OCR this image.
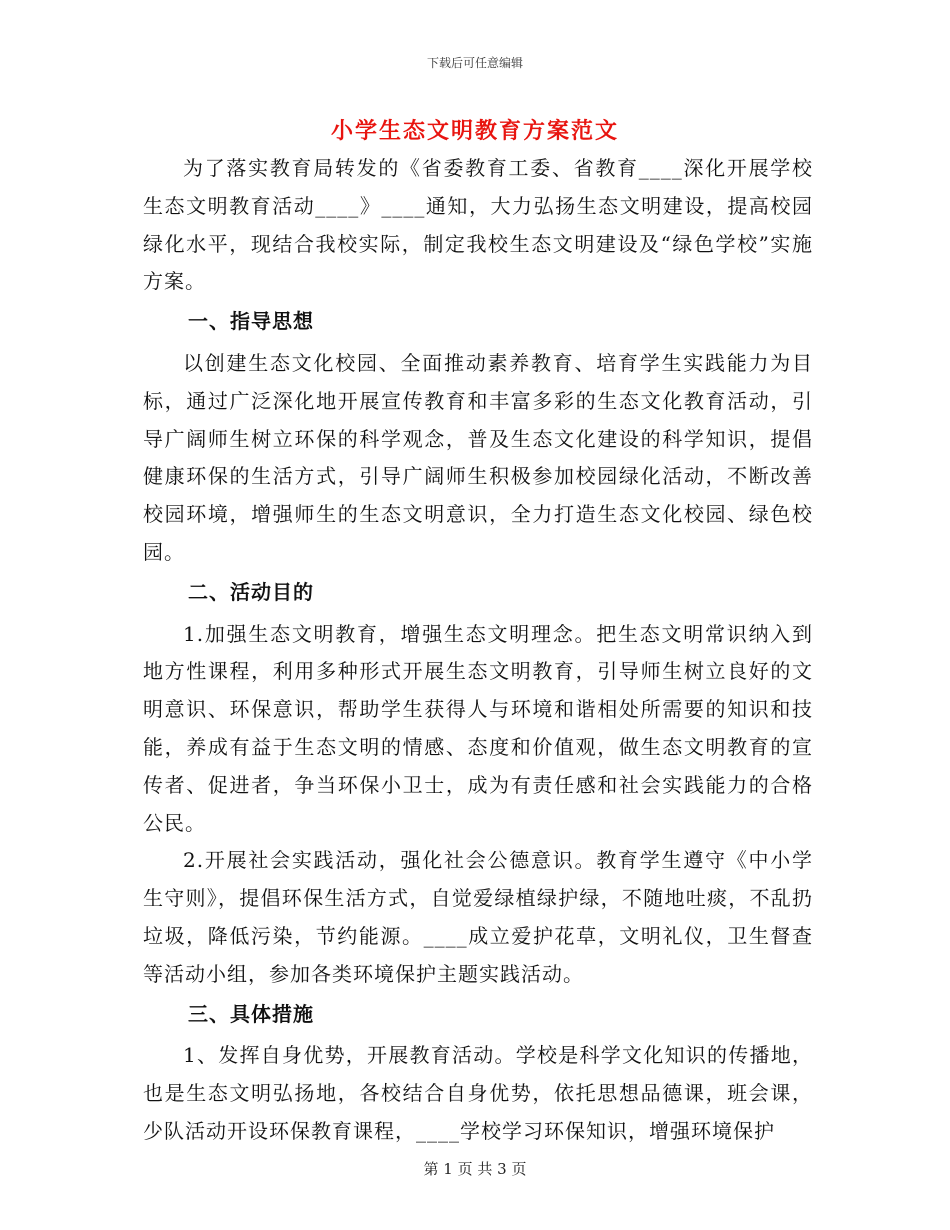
下载后可任意编辑
小学生态文明教育方案范文

为了落实教育局转发的《省委教育工委、省教育____深化开展学校生态文明教育活动____》____通知，大力弘扬生态文明建设，提高校园绿化水平，现结合我校实际，制定我校生态文明建设及“绿色学校”实施方案。

一、指导思想

以创建生态文化校园、全面推动素养教育、培育学生实践能力为目标，通过广泛深化地开展宣传教育和丰富多彩的生态文化教育活动，引导广阔师生树立环保的科学观念，普及生态文化建设的科学知识，提倡健康环保的生活方式，引导广阔师生积极参加校园绿化活动，不断改善校园环境，增强师生的生态文明意识，全力打造生态文化校园、绿色校园。

二、活动目的

1.加强生态文明教育，增强生态文明理念。把生态文明常识纳入到地方性课程，利用多种形式开展生态文明教育，引导师生树立良好的文明意识、环保意识，帮助学生获得人与环境和谐相处所需要的知识和技能，养成有益于生态文明的情感、态度和价值观，做生态文明教育的宣传者、促进者，争当环保小卫士，成为有责任感和社会实践能力的合格公民。

2.开展社会实践活动，强化社会公德意识。教育学生遵守《中小学生守则》，提倡环保生活方式，自觉爱绿植绿护绿，不随地吐痰，不乱扔垃圾，降低污染，节约能源。____成立爱护花草，文明礼仪，卫生督查等活动小组，参加各类环境保护主题实践活动。

三、具体措施

1、发挥自身优势，开展教育活动。学校是科学文化知识的传播地，也是生态文明弘扬地，各校结合自身优势，依托思想品德课，班会课，少队活动开设环保教育课程，____学校学习环保知识，增强环境保护

第 1 页 共 3 页
